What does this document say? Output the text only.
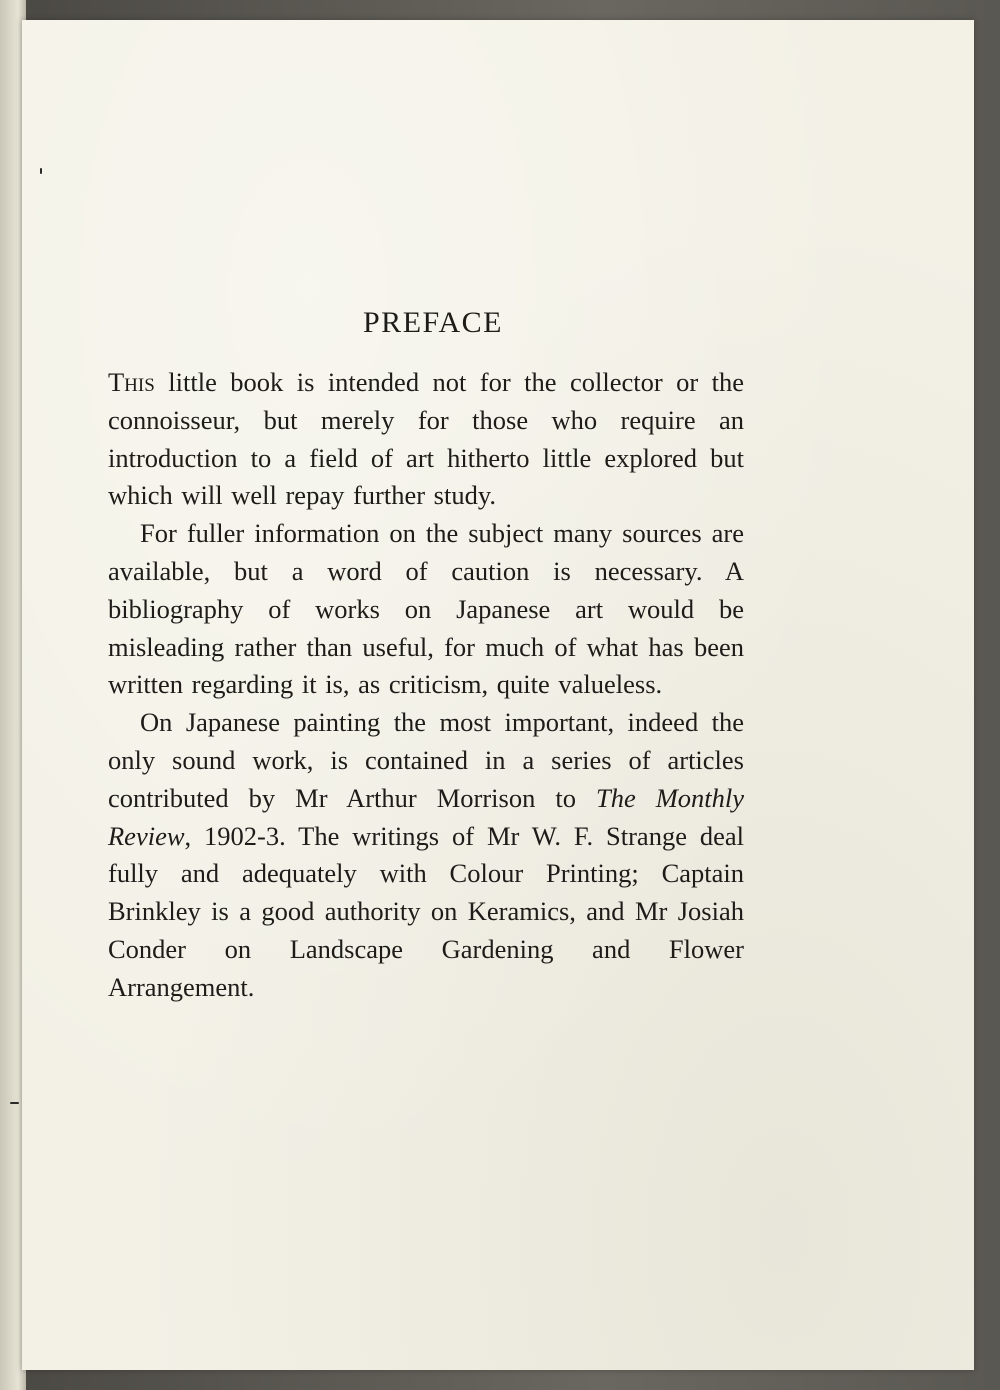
PREFACE

This little book is intended not for the collector or the connoisseur, but merely for those who require an introduction to a field of art hitherto little explored but which will well repay further study.

For fuller information on the subject many sources are available, but a word of caution is necessary. A bibliography of works on Japanese art would be misleading rather than useful, for much of what has been written regarding it is, as criticism, quite valueless.

On Japanese painting the most important, indeed the only sound work, is contained in a series of articles contributed by Mr Arthur Morrison to The Monthly Review, 1902-3. The writings of Mr W. F. Strange deal fully and adequately with Colour Printing; Captain Brinkley is a good authority on Keramics, and Mr Josiah Conder on Landscape Gardening and Flower Arrangement.
